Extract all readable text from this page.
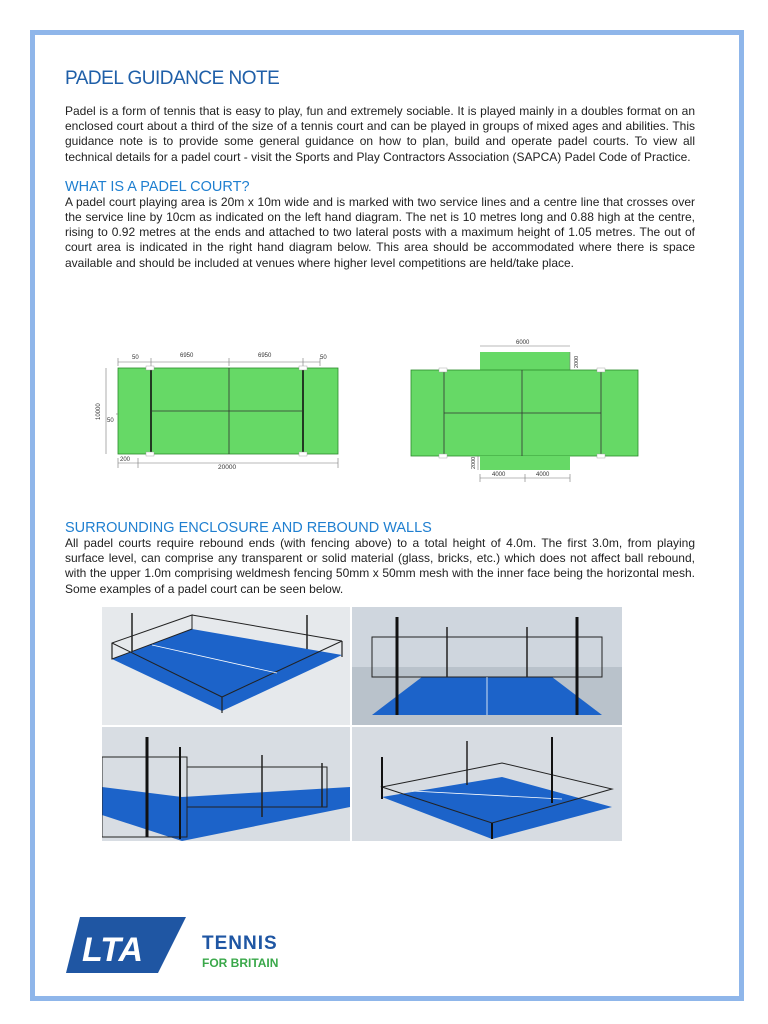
PADEL GUIDANCE NOTE

Padel is a form of tennis that is easy to play, fun and extremely sociable. It is played mainly in a doubles format on an enclosed court about a third of the size of a tennis court and can be played in groups of mixed ages and abilities. This guidance note is to provide some general guidance on how to plan, build and operate padel courts. To view all technical details for a padel court - visit the Sports and Play Contractors Association (SAPCA) Padel Code of Practice.

WHAT IS A PADEL COURT?

A padel court playing area is 20m x 10m wide and is marked with two service lines and a centre line that crosses over the service line by 10cm as indicated on the left hand diagram. The net is 10 metres long and 0.88 high at the centre, rising to 0.92 metres at the ends and attached to two lateral posts with a maximum height of 1.05 metres. The out of court area is indicated in the right hand diagram below. This area should be accommodated where there is space available and should be included at venues where higher level competitions are held/take place.

50	6950	6950	50
10000
50
200
20000
6000
2000
2000
4000	4000
SURROUNDING ENCLOSURE AND REBOUND WALLS

All padel courts require rebound ends (with fencing above) to a total height of 4.0m. The first 3.0m, from playing surface level, can comprise any transparent or solid material (glass, bricks, etc.) which does not affect ball rebound, with the upper 1.0m comprising weldmesh fencing 50mm x 50mm mesh with the inner face being the horizontal mesh. Some examples of a padel court can be seen below.

LTA	TENNIS
FOR BRITAIN
